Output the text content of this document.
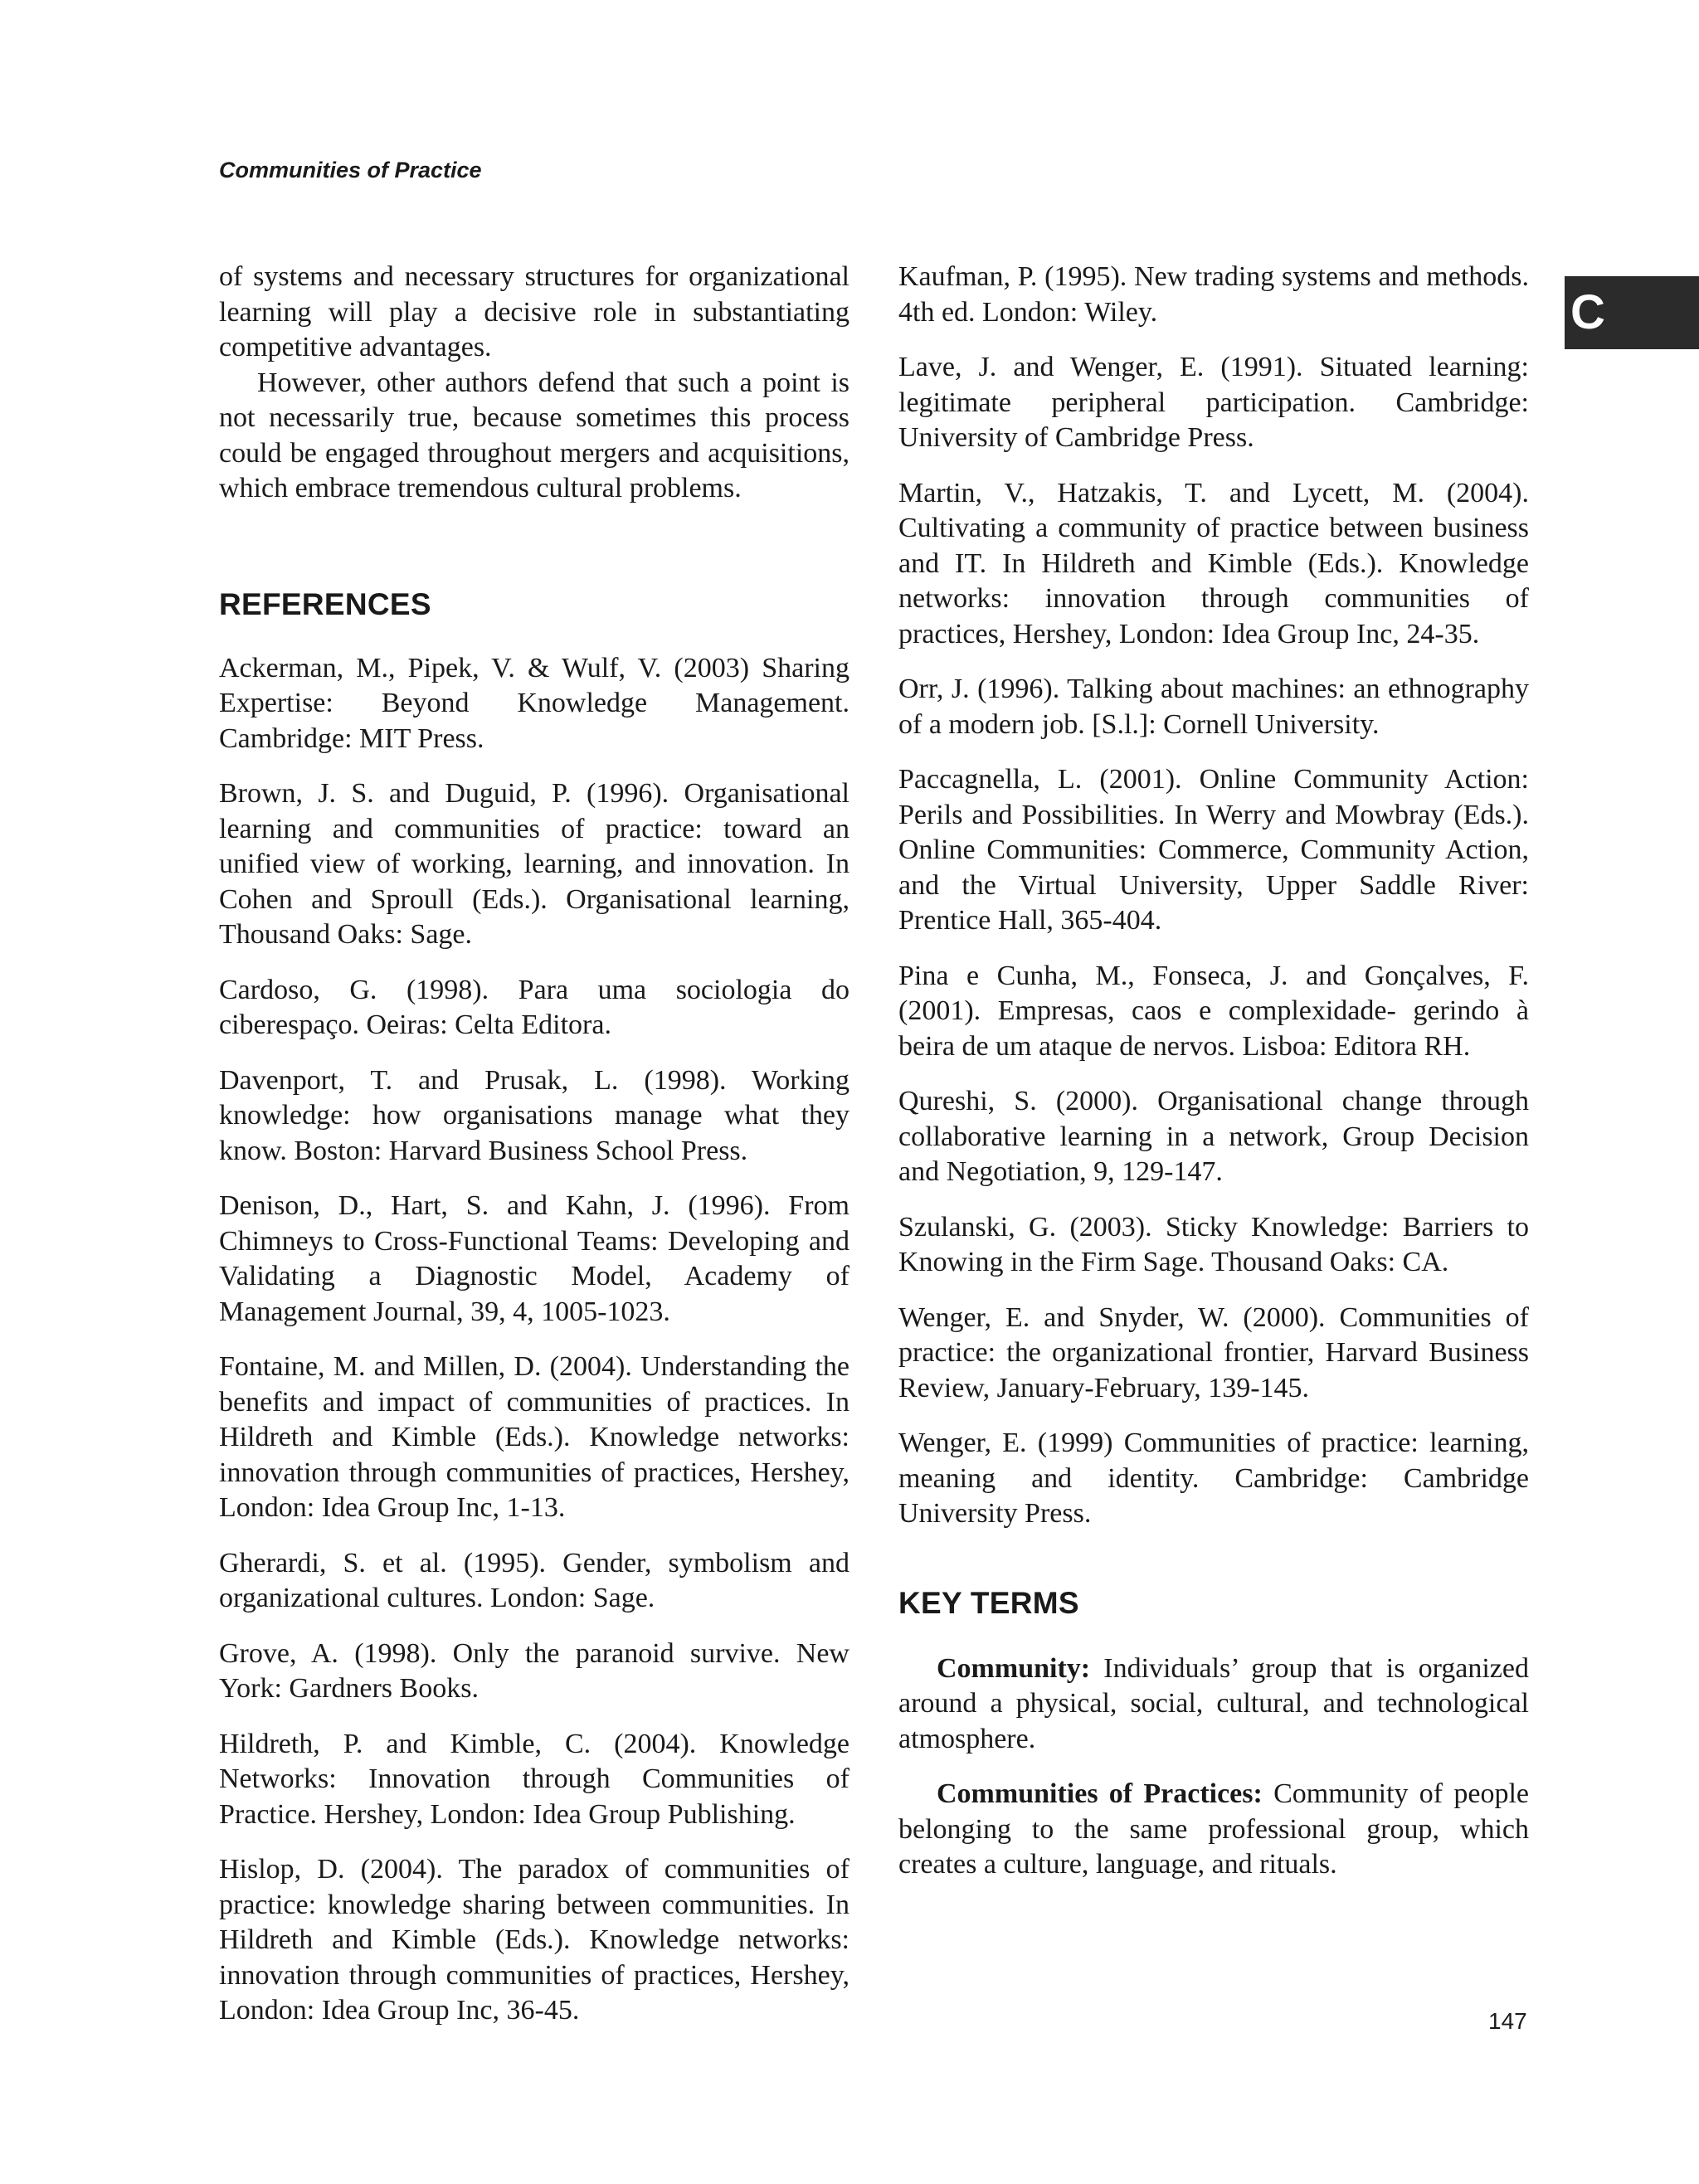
Communities of Practice
C

of systems and necessary structures for organizational learning will play a decisive role in substantiating competitive advantages.

However, other authors defend that such a point is not necessarily true, because sometimes this process could be engaged throughout mergers and acquisitions, which embrace tremendous cultural problems.

REFERENCES

Ackerman, M., Pipek, V. & Wulf, V. (2003) Sharing Expertise: Beyond Knowledge Management. Cambridge: MIT Press.

Brown, J. S. and Duguid, P. (1996). Organisational learning and communities of practice: toward an unified view of working, learning, and innovation. In Cohen and Sproull (Eds.). Organisational learning, Thousand Oaks: Sage.

Cardoso, G. (1998). Para uma sociologia do ciberespaço. Oeiras: Celta Editora.

Davenport, T. and Prusak, L. (1998). Working knowledge: how organisations manage what they know. Boston: Harvard Business School Press.

Denison, D., Hart, S. and Kahn, J. (1996). From Chimneys to Cross-Functional Teams: Developing and Validating a Diagnostic Model, Academy of Management Journal, 39, 4, 1005-1023.

Fontaine, M. and Millen, D. (2004). Understanding the benefits and impact of communities of practices. In Hildreth and Kimble (Eds.). Knowledge networks: innovation through communities of practices, Hershey, London: Idea Group Inc, 1-13.

Gherardi, S. et al. (1995). Gender, symbolism and organizational cultures. London: Sage.

Grove, A. (1998). Only the paranoid survive. New York: Gardners Books.

Hildreth, P. and Kimble, C. (2004). Knowledge Networks: Innovation through Communities of Practice. Hershey, London: Idea Group Publishing.

Hislop, D. (2004). The paradox of communities of practice: knowledge sharing between communities. In Hildreth and Kimble (Eds.). Knowledge networks: innovation through communities of practices, Hershey, London: Idea Group Inc, 36-45.

Kaufman, P. (1995). New trading systems and methods. 4th ed. London: Wiley.

Lave, J. and Wenger, E. (1991). Situated learning: legitimate peripheral participation. Cambridge: University of Cambridge Press.

Martin, V., Hatzakis, T. and Lycett, M. (2004). Cultivating a community of practice between business and IT. In Hildreth and Kimble (Eds.). Knowledge networks: innovation through communities of practices, Hershey, London: Idea Group Inc, 24-35.

Orr, J. (1996). Talking about machines: an ethnography of a modern job. [S.l.]: Cornell University.

Paccagnella, L. (2001). Online Community Action: Perils and Possibilities. In Werry and Mowbray (Eds.). Online Communities: Commerce, Community Action, and the Virtual University, Upper Saddle River: Prentice Hall, 365-404.

Pina e Cunha, M., Fonseca, J. and Gonçalves, F. (2001). Empresas, caos e complexidade- gerindo à beira de um ataque de nervos. Lisboa: Editora RH.

Qureshi, S. (2000). Organisational change through collaborative learning in a network, Group Decision and Negotiation, 9, 129-147.

Szulanski, G. (2003). Sticky Knowledge: Barriers to Knowing in the Firm Sage. Thousand Oaks: CA.

Wenger, E. and Snyder, W. (2000). Communities of practice: the organizational frontier, Harvard Business Review, January-February, 139-145.

Wenger, E. (1999) Communities of practice: learning, meaning and identity. Cambridge: Cambridge University Press.

KEY TERMS

Community: Individuals’ group that is organized around a physical, social, cultural, and technological atmosphere.

Communities of Practices: Community of people belonging to the same professional group, which creates a culture, language, and rituals.

147
